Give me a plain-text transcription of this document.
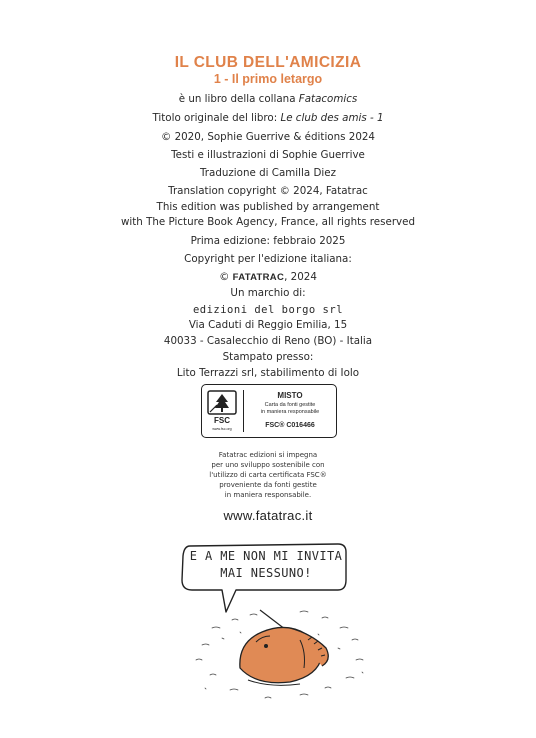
IL CLUB DELL'AMICIZIA
1 - Il primo letargo
è un libro della collana Fatacomics
Titolo originale del libro: Le club des amis - 1
© 2020, Sophie Guerrive & éditions 2024
Testi e illustrazioni di Sophie Guerrive
Traduzione di Camilla Diez
Translation copyright © 2024, Fatatrac
This edition was published by arrangement
with The Picture Book Agency, France, all rights reserved
Prima edizione: febbraio 2025
Copyright per l'edizione italiana:
© FATATRAC, 2024
Un marchio di:
edizioni del borgo srl
Via Caduti di Reggio Emilia, 15
40033 - Casalecchio di Reno (BO) - Italia
Stampato presso:
Lito Terrazzi srl, stabilimento di Iolo
FSC
www.fsc.org
MISTO
Carta da fonti gestite
in maniera responsabile
FSC® C016466
Fatatrac edizioni si impegna
per uno sviluppo sostenibile con
l'utilizzo di carta certificata FSC®
proveniente da fonti gestite
in maniera responsabile.
www.fatatrac.it
E A ME NON MI INVITA
MAI NESSUNO!
